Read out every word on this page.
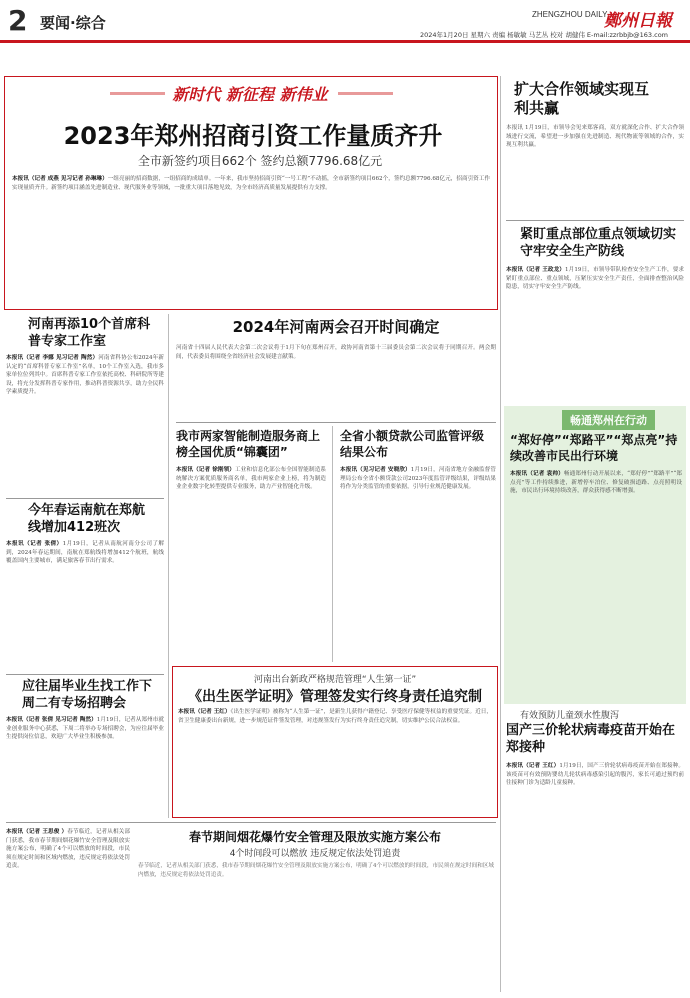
2 要闻·综合	ZHENGZHOU DAILY
鄭州日報
2024年1月20日 星期六 责编 杨敏敏 马艺丛 校对 胡健伟 E-mail:zzrbbjb@163.com
新时代 新征程 新伟业
2023年郑州招商引资工作量质齐升
全市新签约项目662个 签约总额7796.68亿元
本报讯（记者 成燕 见习记者 孙琳琳）一组亮丽的招商数据，一组招商的成绩单。一年来，我市坚持招商引资“一号工程”不动摇，全市新签约项目662个，签约总额7796.68亿元，招商引资工作实现量质齐升。新签约项目涵盖先进制造业、现代服务业等领域，一批重大项目落地见效，为全市经济高质量发展提供有力支撑。
扩大合作领域实现互利共赢
本报讯 1月19日，市领导会见来郑客商，双方就深化合作、扩大合作领域进行交流，希望进一步加强在先进制造、现代物流等领域的合作，实现互利共赢。
紧盯重点部位重点领域切实守牢安全生产防线
本报讯（记者 王政龙）1月19日，市领导带队检查安全生产工作，要求紧盯重点部位、重点领域，压紧压实安全生产责任，全面排查整治风险隐患，切实守牢安全生产防线。
畅通郑州在行动
“郑好停”“郑路平”“郑点亮”持续改善市民出行环境
本报讯（记者 袁帅）畅通郑州行动开展以来，“郑好停”“郑路平”“郑点亮”等工作持续推进，新增停车泊位、修复破损道路、点亮照明设施，市民出行环境持续改善，群众获得感不断增强。
有效预防儿童颈水性腹泻
国产三价轮状病毒疫苗开始在郑接种
本报讯（记者 王红）1月19日，国产三价轮状病毒疫苗开始在郑接种。该疫苗可有效预防婴幼儿轮状病毒感染引起的腹泻，家长可通过预约前往接种门诊为适龄儿童接种。
河南再添10个首席科普专家工作室
本报讯（记者 李娜 见习记者 陶然）河南省科协公布2024年新认定的“首席科普专家工作室”名单，10个工作室入选，我市多家单位位列其中。首席科普专家工作室依托高校、科研院所等建设，将充分发挥科普专家作用，推动科普资源共享，助力全民科学素质提升。
今年春运南航在郑航线增加412班次
本报讯（记者 张倩）1月19日，记者从南航河南分公司了解到，2024年春运期间，南航在郑航线将增加412个航班，航线覆盖国内主要城市，满足旅客春节出行需求。
应往届毕业生找工作下周二有专场招聘会
本报讯（记者 张倩 见习记者 陶然）1月19日，记者从郑州市就业创业服务中心获悉，下周二将举办专场招聘会，为应往届毕业生提供岗位信息，欢迎广大毕业生积极参加。
2024年河南两会召开时间确定
河南省十四届人民代表大会第二次会议将于1月下旬在郑州召开，政协河南省第十三届委员会第二次会议将于同期召开。两会期间，代表委员将围绕全省经济社会发展建言献策。
我市两家智能制造服务商上榜全国优质“锦囊团”
本报讯（记者 徐刚领）工业和信息化部公布全国智能制造系统解决方案优质服务商名单，我市两家企业上榜，将为制造业企业数字化转型提供专业服务，助力产业智能化升级。
全省小额贷款公司监管评级结果公布
本报讯（见习记者 安晓欣）1月19日，河南省地方金融监督管理局公布全省小额贷款公司2023年度监管评级结果，评级结果将作为分类监管的重要依据，引导行业规范健康发展。
河南出台新政严格规范管理“人生第一证”
《出生医学证明》管理签发实行终身责任追究制
本报讯（记者 王红）《出生医学证明》被称为“人生第一证”，是新生儿获得户籍登记、享受医疗保健等权益的重要凭证。近日，省卫生健康委出台新规，进一步规范证件签发管理，对违规签发行为实行终身责任追究制，切实维护公民合法权益。
本报讯（记者 王思俊 ）春节临近，记者从相关部门获悉，我市春节期间烟花爆竹安全管理及限放实施方案公布，明确了4个可以燃放的时间段，市民须在规定时间和区域内燃放，违反规定将依法处罚追责。
春节期间烟花爆竹安全管理及限放实施方案公布
4个时间段可以燃放 违反规定依法处罚追责
春节临近，记者从相关部门获悉，我市春节期间烟花爆竹安全管理及限放实施方案公布，明确了4个可以燃放的时间段，市民须在规定时间和区域内燃放，违反规定将依法处罚追责。
